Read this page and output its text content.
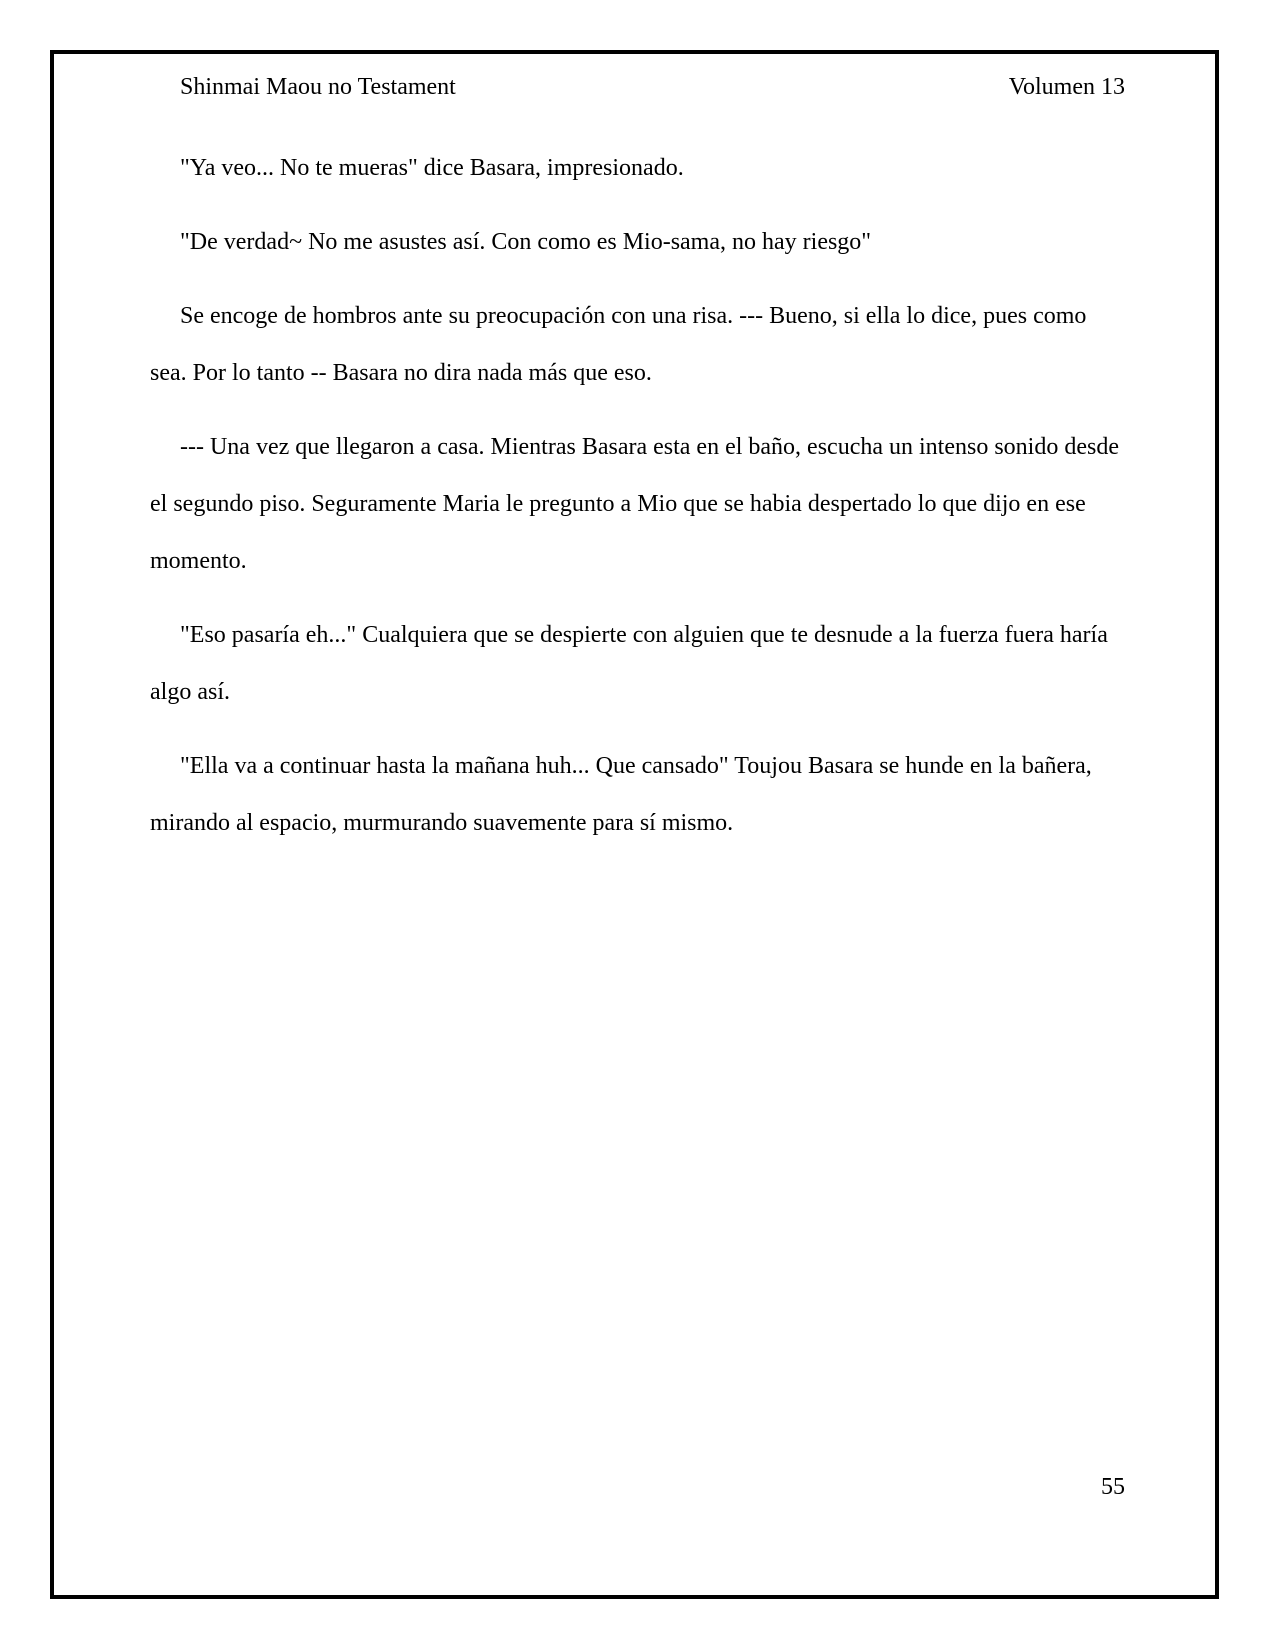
Shinmai Maou no Testament	Volumen 13

"Ya veo... No te mueras" dice Basara, impresionado.

"De verdad~ No me asustes así. Con como es Mio-sama, no hay riesgo"

Se encoge de hombros ante su preocupación con una risa. --- Bueno, si ella lo dice, pues como sea. Por lo tanto -- Basara no dira nada más que eso.

--- Una vez que llegaron a casa. Mientras Basara esta en el baño, escucha un intenso sonido desde el segundo piso. Seguramente Maria le pregunto a Mio que se habia despertado lo que dijo en ese momento.

"Eso pasaría eh..." Cualquiera que se despierte con alguien que te desnude a la fuerza fuera haría algo así.

"Ella va a continuar hasta la mañana huh... Que cansado" Toujou Basara se hunde en la bañera, mirando al espacio, murmurando suavemente para sí mismo.

55
